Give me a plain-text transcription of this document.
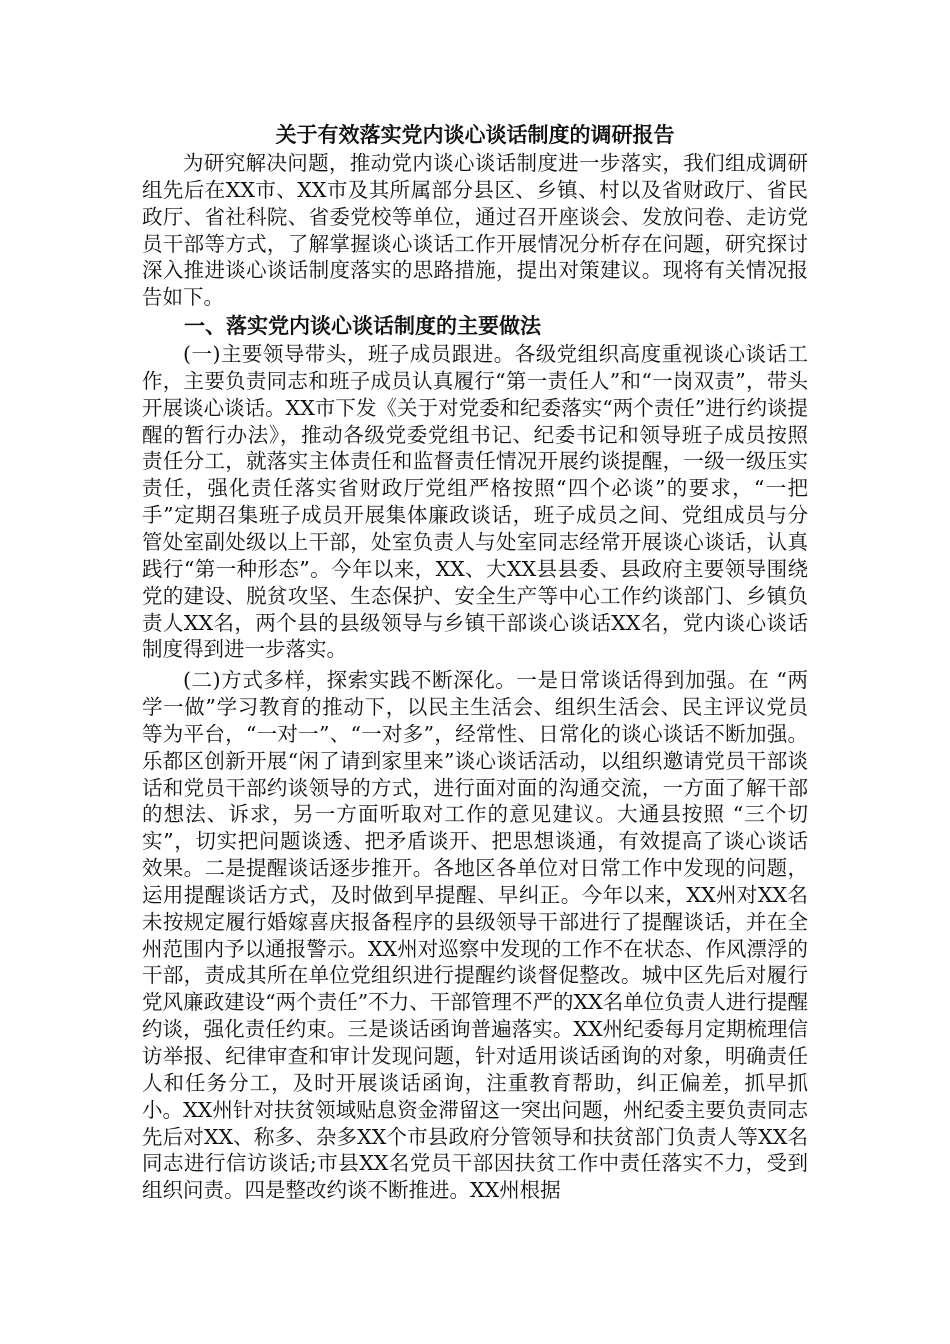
关于有效落实党内谈心谈话制度的调研报告

为研究解决问题，推动党内谈心谈话制度进一步落实，我们组成调研组先后在XX市、XX市及其所属部分县区、乡镇、村以及省财政厅、省民政厅、省社科院、省委党校等单位，通过召开座谈会、发放问卷、走访党员干部等方式，了解掌握谈心谈话工作开展情况分析存在问题，研究探讨深入推进谈心谈话制度落实的思路措施，提出对策建议。现将有关情况报告如下。

一、落实党内谈心谈话制度的主要做法

(一)主要领导带头，班子成员跟进。各级党组织高度重视谈心谈话工作，主要负责同志和班子成员认真履行“第一责任人”和“一岗双责”，带头开展谈心谈话。XX市下发《关于对党委和纪委落实“两个责任”进行约谈提醒的暂行办法》，推动各级党委党组书记、纪委书记和领导班子成员按照责任分工，就落实主体责任和监督责任情况开展约谈提醒，一级一级压实责任，强化责任落实省财政厅党组严格按照“四个必谈”的要求，“一把手”定期召集班子成员开展集体廉政谈话，班子成员之间、党组成员与分管处室副处级以上干部，处室负责人与处室同志经常开展谈心谈话，认真践行“第一种形态”。今年以来，XX、大XX县县委、县政府主要领导围绕党的建设、脱贫攻坚、生态保护、安全生产等中心工作约谈部门、乡镇负责人XX名，两个县的县级领导与乡镇干部谈心谈话XX名，党内谈心谈话制度得到进一步落实。

(二)方式多样，探索实践不断深化。一是日常谈话得到加强。在 “两学一做”学习教育的推动下，以民主生活会、组织生活会、民主评议党员等为平台，“一对一”、“一对多”，经常性、日常化的谈心谈话不断加强。乐都区创新开展“闲了请到家里来”谈心谈话活动，以组织邀请党员干部谈话和党员干部约谈领导的方式，进行面对面的沟通交流，一方面了解干部的想法、诉求，另一方面听取对工作的意见建议。大通县按照 “三个切实”，切实把问题谈透、把矛盾谈开、把思想谈通，有效提高了谈心谈话效果。二是提醒谈话逐步推开。各地区各单位对日常工作中发现的问题，运用提醒谈话方式，及时做到早提醒、早纠正。今年以来，XX州对XX名未按规定履行婚嫁喜庆报备程序的县级领导干部进行了提醒谈话，并在全州范围内予以通报警示。XX州对巡察中发现的工作不在状态、作风漂浮的干部，责成其所在单位党组织进行提醒约谈督促整改。城中区先后对履行党风廉政建设“两个责任”不力、干部管理不严的XX名单位负责人进行提醒约谈，强化责任约束。三是谈话函询普遍落实。XX州纪委每月定期梳理信访举报、纪律审查和审计发现问题，针对适用谈话函询的对象，明确责任人和任务分工，及时开展谈话函询，注重教育帮助，纠正偏差，抓早抓小。XX州针对扶贫领域贴息资金滞留这一突出问题，州纪委主要负责同志先后对XX、称多、杂多XX个市县政府分管领导和扶贫部门负责人等XX名同志进行信访谈话;市县XX名党员干部因扶贫工作中责任落实不力，受到组织问责。四是整改约谈不断推进。XX州根据
